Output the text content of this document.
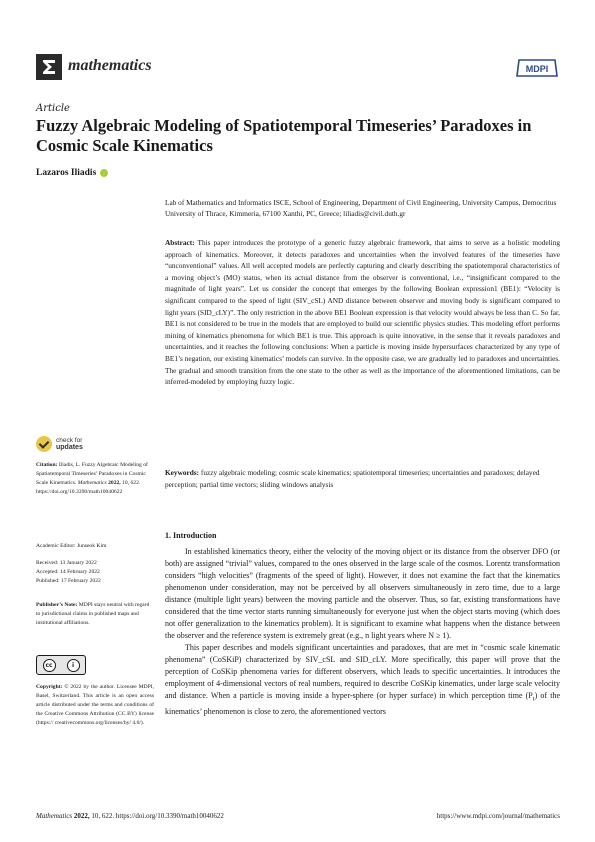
mathematics	MDPI
Article
Fuzzy Algebraic Modeling of Spatiotemporal Timeseries’ Paradoxes in Cosmic Scale Kinematics
Lazaros Iliadis
Lab of Mathematics and Informatics ISCE, School of Engineering, Department of Civil Engineering, University Campus, Democritus University of Thrace, Kimmeria, 67100 Xanthi, PC, Greece; liliadis@civil.duth.gr
Abstract: This paper introduces the prototype of a generic fuzzy algebraic framework, that aims to serve as a holistic modeling approach of kinematics. Moreover, it detects paradoxes and uncertainties when the involved features of the timeseries have “unconventional” values. All well accepted models are perfectly capturing and clearly describing the spatiotemporal characteristics of a moving object’s (MO) status, when its actual distance from the observer is conventional, i.e., “insignificant compared to the magnitude of light years”. Let us consider the concept that emerges by the following Boolean expression1 (BE1): “Velocity is significant compared to the speed of light (SIV_cSL) AND distance between observer and moving body is significant compared to light years (SID_cLY)”. The only restriction in the above BE1 Boolean expression is that velocity would always be less than C. So far, BE1 is not considered to be true in the models that are employed to build our scientific physics studies. This modeling effort performs mining of kinematics phenomena for which BE1 is true. This approach is quite innovative, in the sense that it reveals paradoxes and uncertainties, and it reaches the following conclusions: When a particle is moving inside hypersurfaces characterized by any type of BE1’s negation, our existing kinematics’ models can survive. In the opposite case, we are gradually led to paradoxes and uncertainties. The gradual and smooth transition from the one state to the other as well as the importance of the aforementioned limitations, can be inferred-modeled by employing fuzzy logic.
Keywords: fuzzy algebraic modeling; cosmic scale kinematics; spatiotemporal timeseries; uncertainties and paradoxes; delayed perception; partial time vectors; sliding windows analysis
check for
updates
Citation: Iliadis, L. Fuzzy Algebraic Modeling of Spatiotemporal Timeseries’ Paradoxes in Cosmic Scale Kinematics. Mathematics 2022, 10, 622. https://doi.org/10.3390/math10040622
Academic Editor: Junseok Kim
Received: 13 January 2022
Accepted: 14 February 2022
Published: 17 February 2022
Publisher’s Note: MDPI stays neutral with regard to jurisdictional claims in published maps and institutional affiliations.
cc	i
Copyright: © 2022 by the author. Licensee MDPI, Basel, Switzerland. This article is an open access article distributed under the terms and conditions of the Creative Commons Attribution (CC BY) license (https:// creativecommons.org/licenses/by/ 4.0/).
1. Introduction

In established kinematics theory, either the velocity of the moving object or its distance from the observer DFO (or both) are assigned “trivial” values, compared to the ones observed in the large scale of the cosmos. Lorentz transformation considers “high velocities” (fragments of the speed of light). However, it does not examine the fact that the kinematics phenomenon under consideration, may not be perceived by all observers simultaneously in zero time, due to a large distance (multiple light years) between the moving particle and the observer. Thus, so far, existing transformations have considered that the time vector starts running simultaneously for everyone just when the object starts moving (which does not offer generalization to the kinematics problem). It is significant to examine what happens when the distance between the observer and the reference system is extremely great (e.g., n light years where N ≥ 1).

This paper describes and models significant uncertainties and paradoxes, that are met in “cosmic scale kinematic phenomena” (CoSKiP) characterized by SIV_cSL and SID_cLY. More specifically, this paper will prove that the perception of CoSKip phenomena varies for different observers, which leads to specific uncertainties. It introduces the employment of 4-dimensional vectors of real numbers, required to describe CoSKip kinematics, under large scale velocity and distance. When a particle is moving inside a hyper-sphere (or hyper surface) in which perception time $(P_t)$ of the kinematics’ phenomenon is close to zero, the aforementioned vectors

Mathematics 2022, 10, 622. https://doi.org/10.3390/math10040622	https://www.mdpi.com/journal/mathematics
